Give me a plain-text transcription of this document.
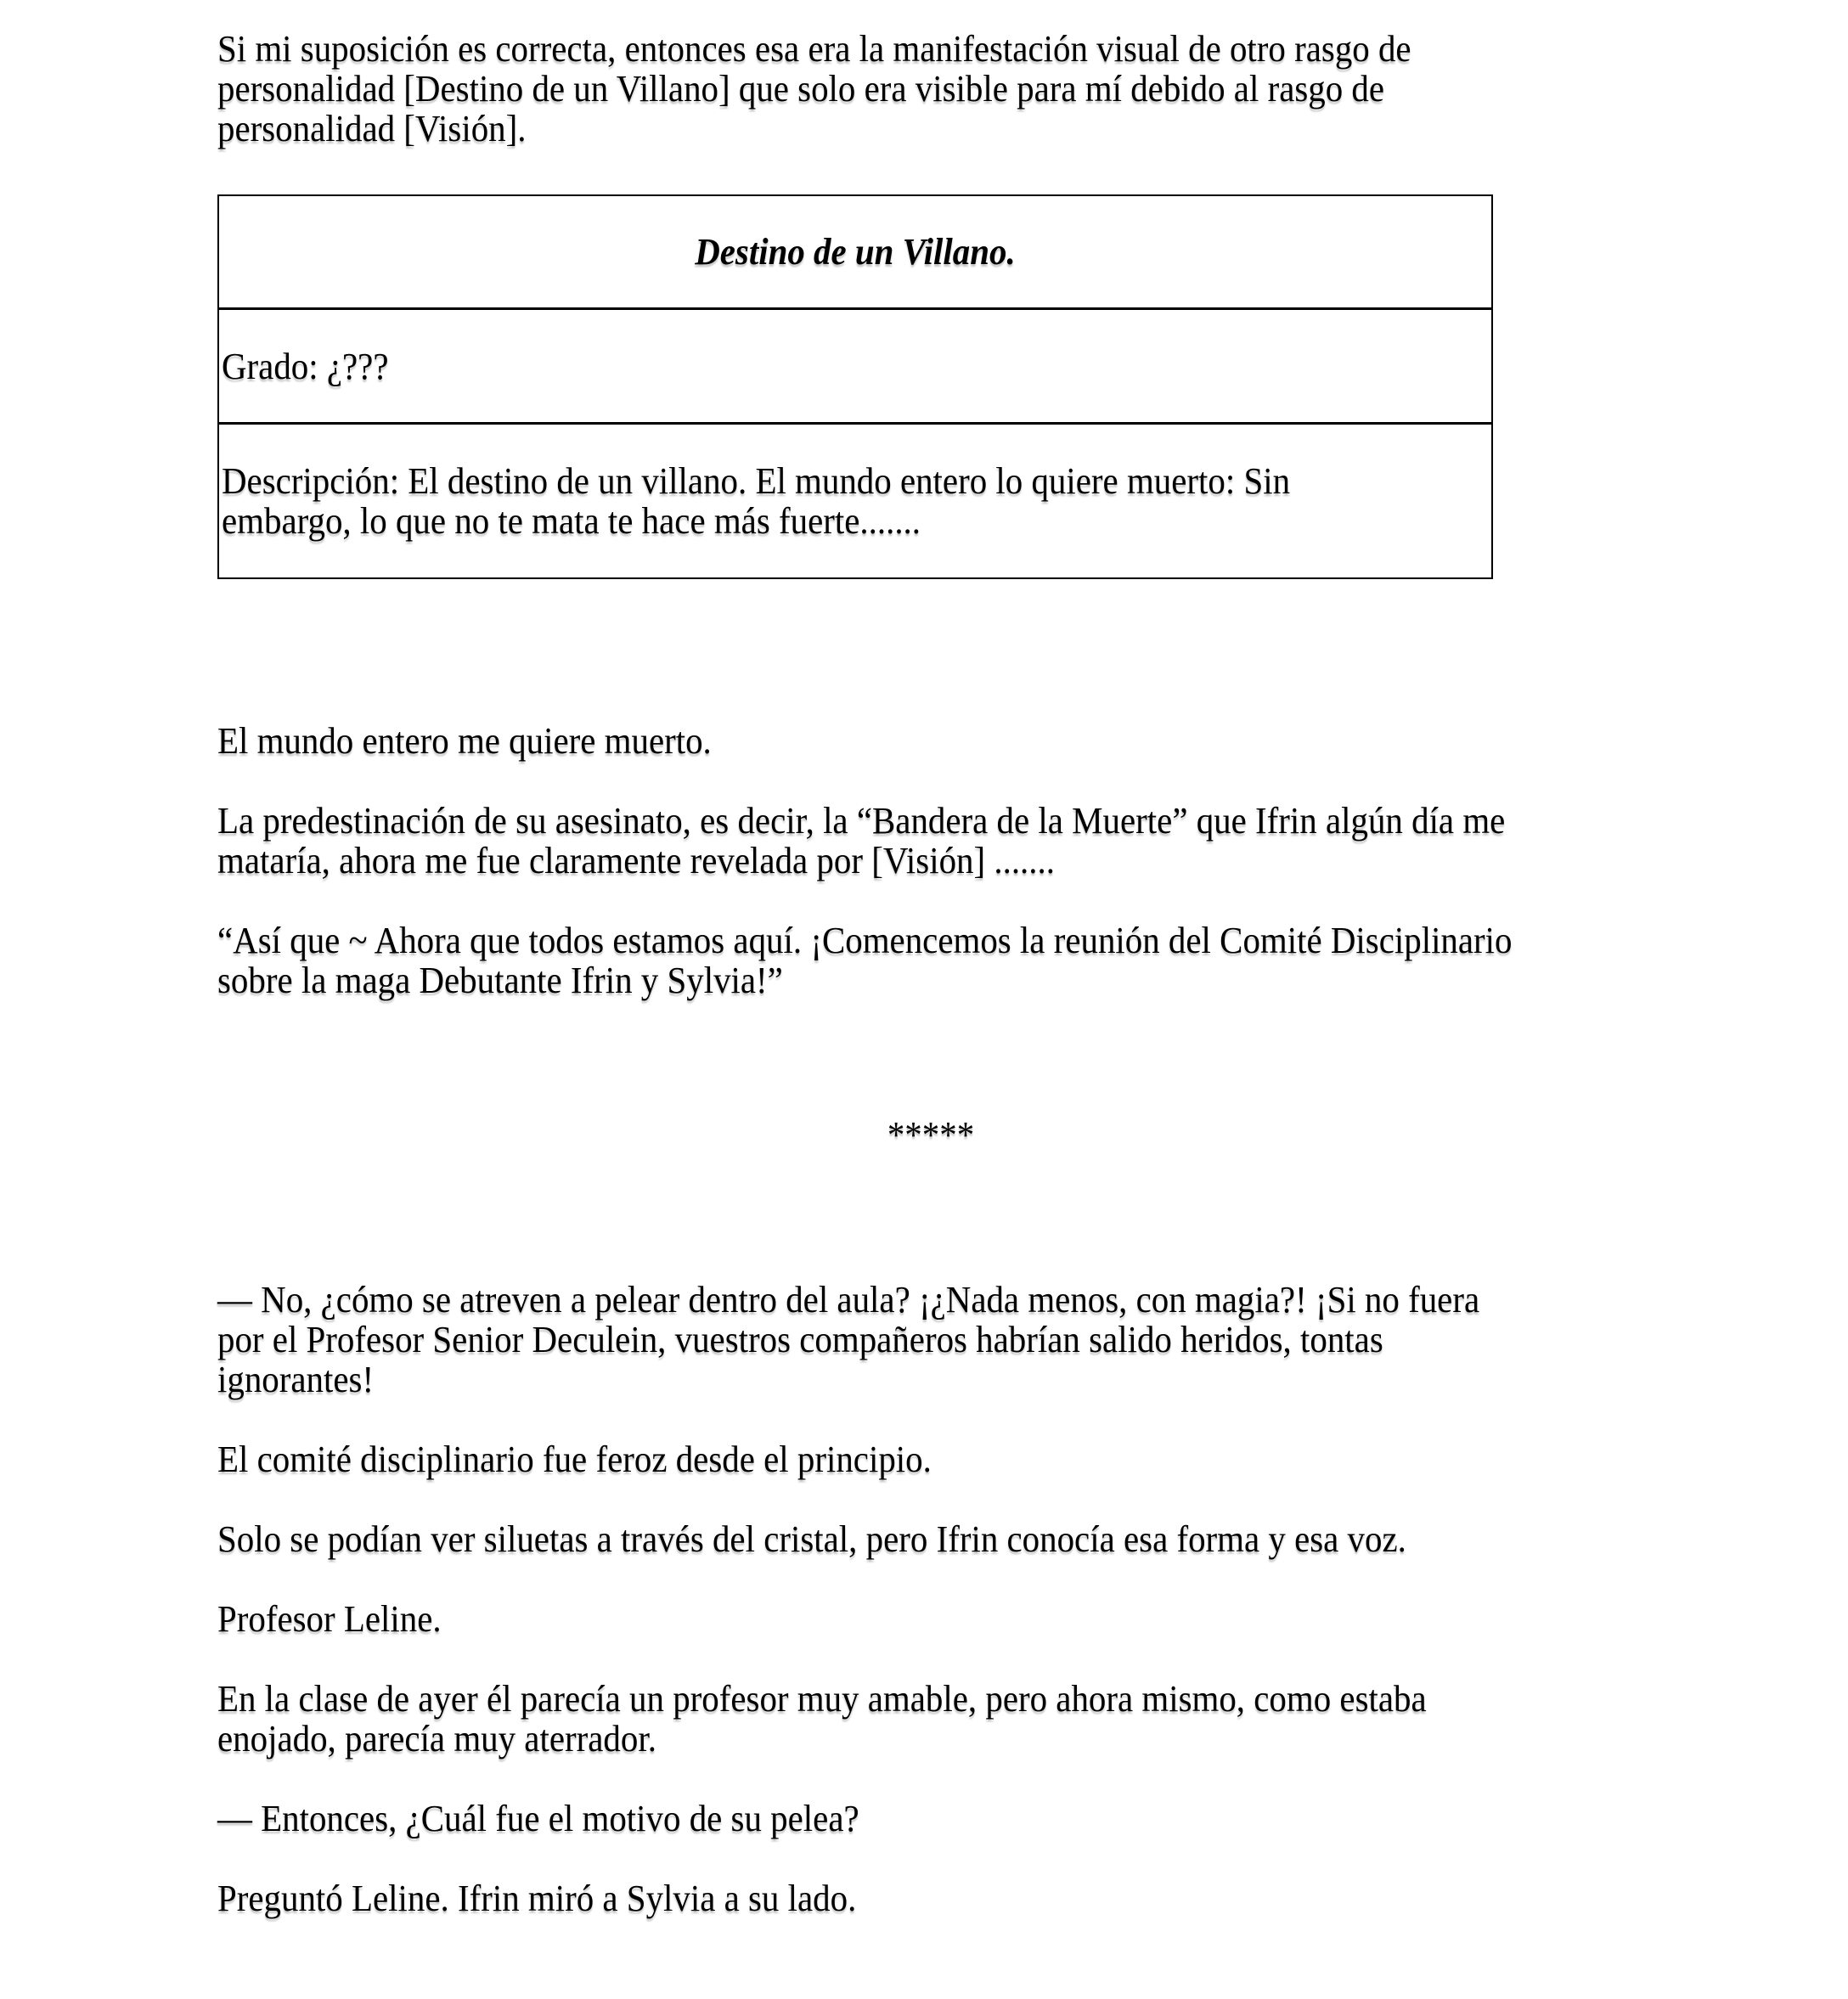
Si mi suposición es correcta, entonces esa era la manifestación visual de otro rasgo de
personalidad [Destino de un Villano] que solo era visible para mí debido al rasgo de
personalidad [Visión].
Destino de un Villano.
Grado: ¿???
Descripción: El destino de un villano. El mundo entero lo quiere muerto: Sin
embargo, lo que no te mata te hace más fuerte.......
El mundo entero me quiere muerto.
La predestinación de su asesinato, es decir, la “Bandera de la Muerte” que Ifrin algún día me
mataría, ahora me fue claramente revelada por [Visión] .......
“Así que ~ Ahora que todos estamos aquí. ¡Comencemos la reunión del Comité Disciplinario
sobre la maga Debutante Ifrin y Sylvia!”
*****
— No, ¿cómo se atreven a pelear dentro del aula? ¡¿Nada menos, con magia?! ¡Si no fuera
por el Profesor Senior Deculein, vuestros compañeros habrían salido heridos, tontas
ignorantes!
El comité disciplinario fue feroz desde el principio.
Solo se podían ver siluetas a través del cristal, pero Ifrin conocía esa forma y esa voz.
Profesor Leline.
En la clase de ayer él parecía un profesor muy amable, pero ahora mismo, como estaba
enojado, parecía muy aterrador.
— Entonces, ¿Cuál fue el motivo de su pelea?
Preguntó Leline. Ifrin miró a Sylvia a su lado.
